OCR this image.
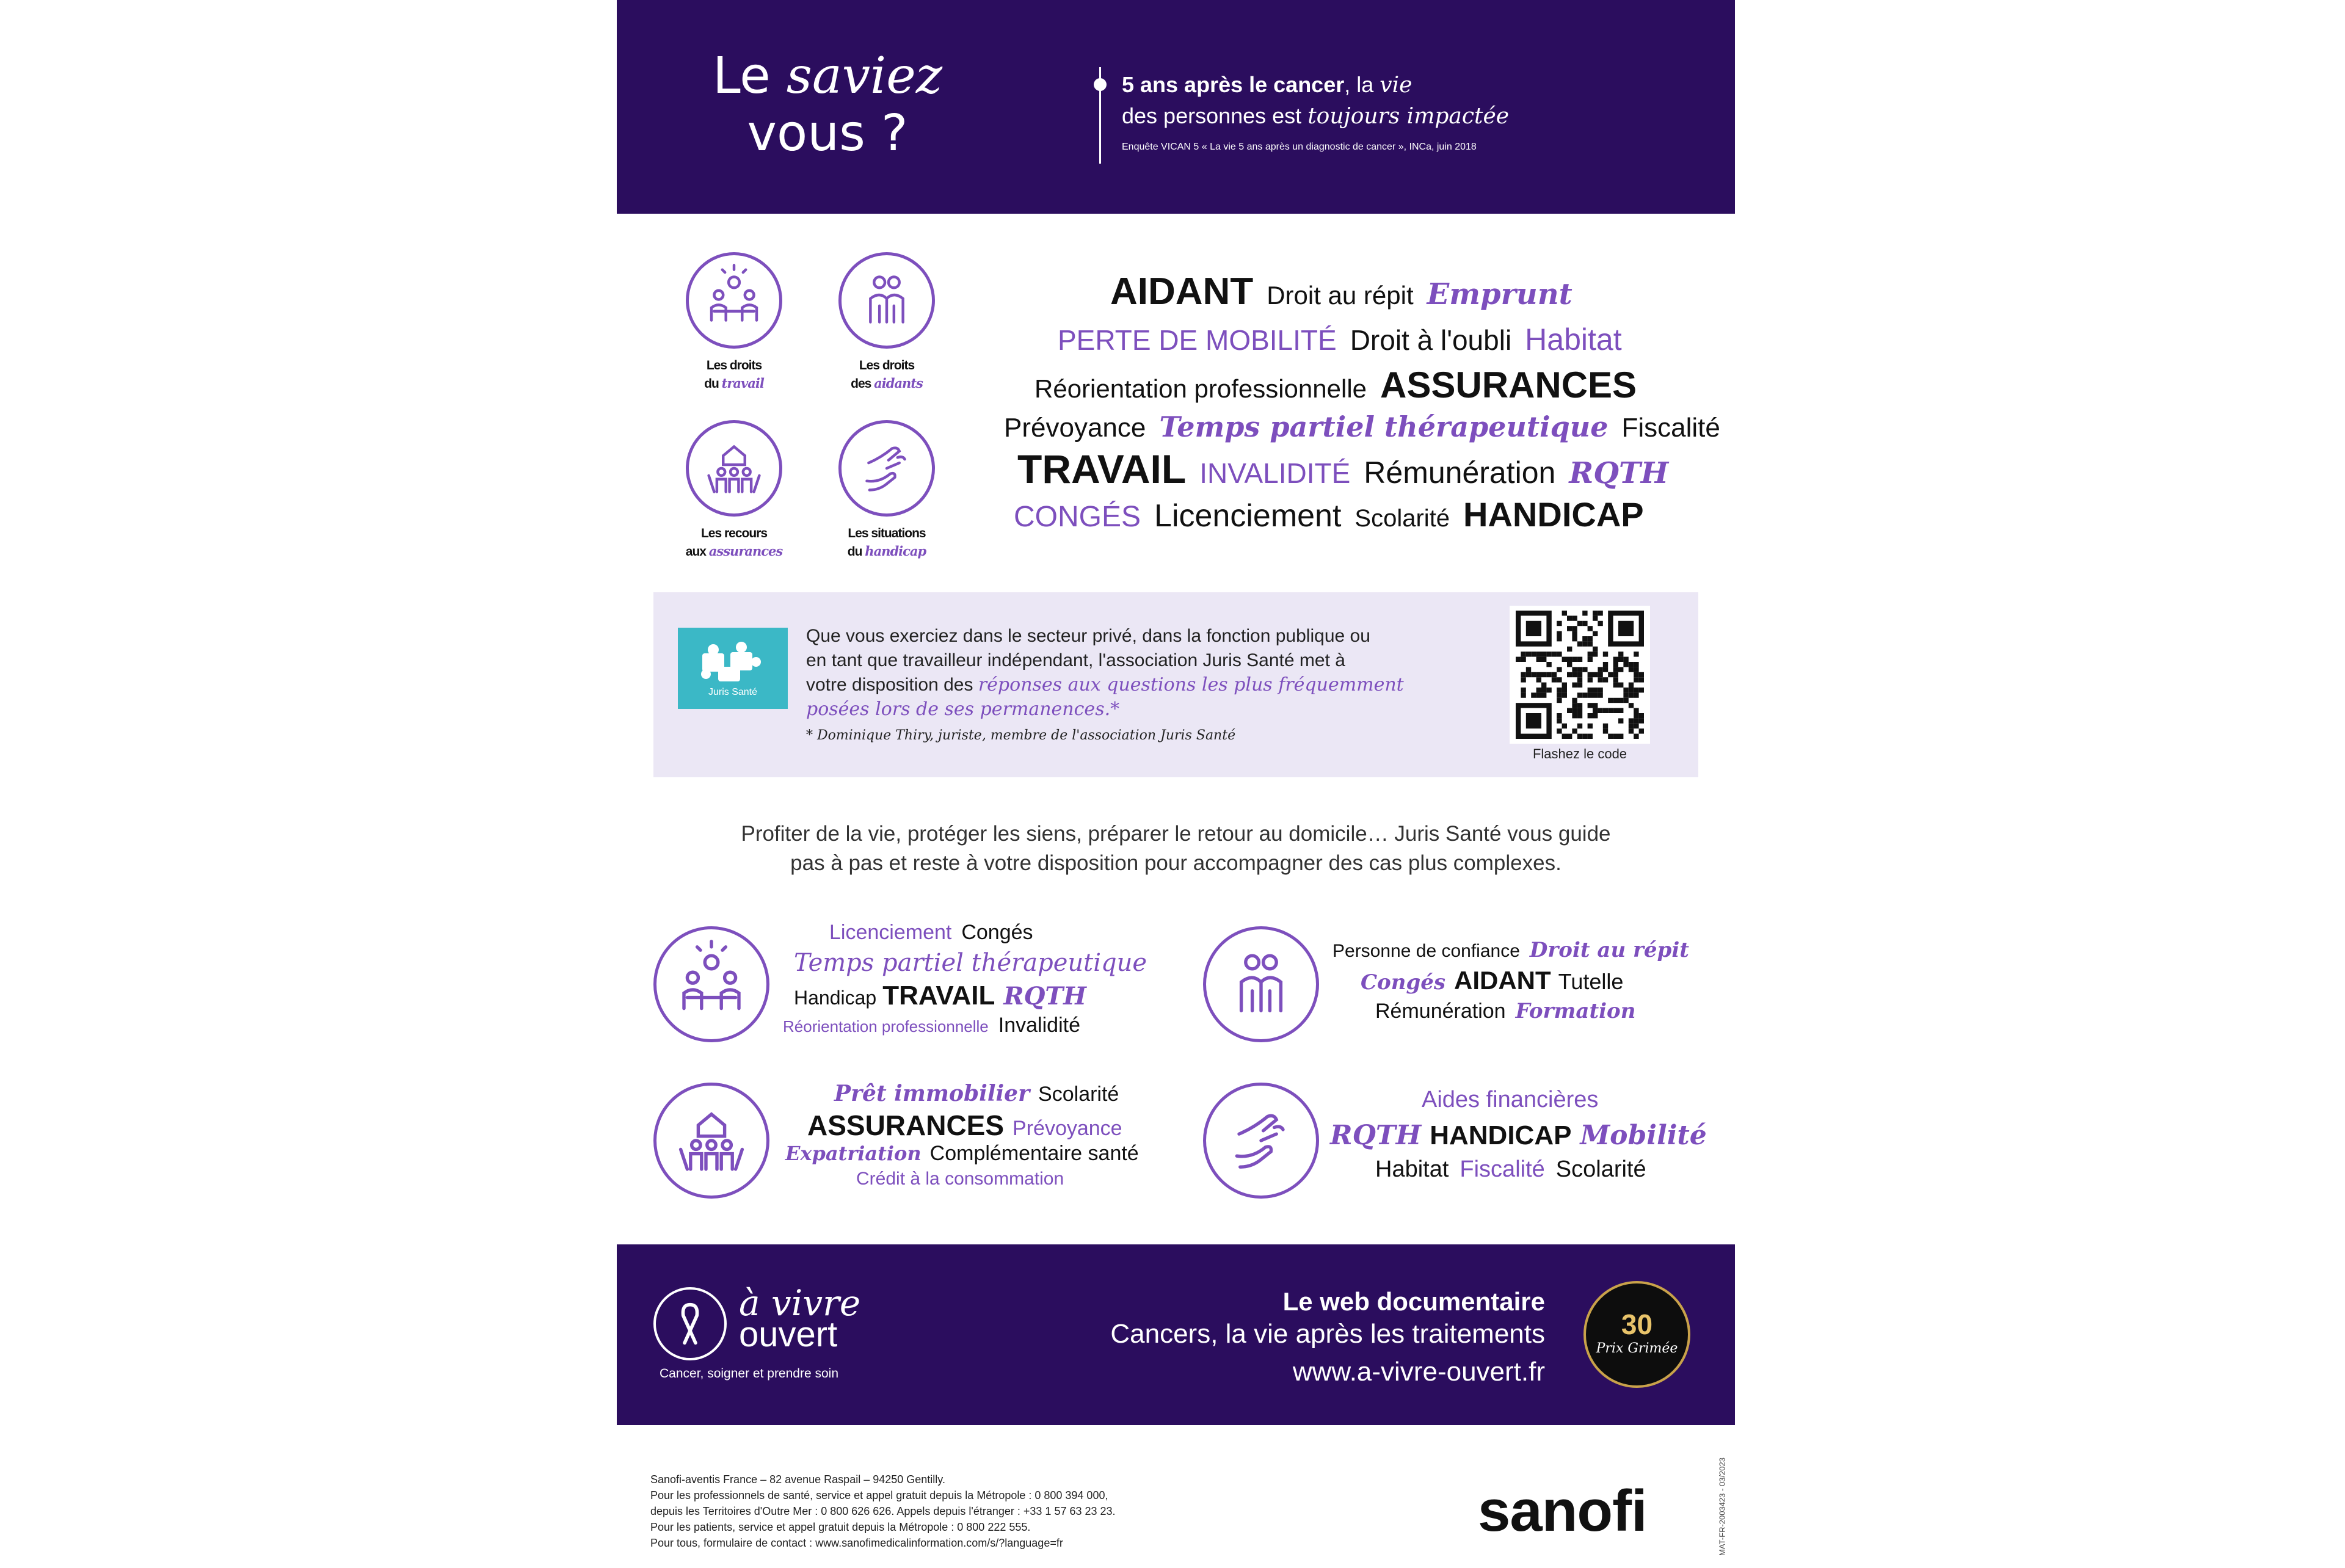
Le saviez
vous ?
5 ans après le cancer, la vie
des personnes est toujours impactée
Enquête VICAN 5 « La vie 5 ans après un diagnostic de cancer », INCa, juin 2018
Les droits
du travail
Les droits
des aidants
Les recours
aux assurances
Les situations
du handicap
AIDANT Droit au répit Emprunt
PERTE DE MOBILITÉ Droit à l'oubli Habitat
Réorientation professionnelle ASSURANCES
Prévoyance Temps partiel thérapeutique Fiscalité
TRAVAIL INVALIDITÉ Rémunération RQTH
CONGÉS Licenciement Scolarité HANDICAP
Juris Santé
Que vous exerciez dans le secteur privé, dans la fonction publique ou
en tant que travailleur indépendant, l'association Juris Santé met à
votre disposition des réponses aux questions les plus fréquemment
posées lors de ses permanences.*
* Dominique Thiry, juriste, membre de l'association Juris Santé
Flashez le code
Profiter de la vie, protéger les siens, préparer le retour au domicile… Juris Santé vous guide
pas à pas et reste à votre disposition pour accompagner des cas plus complexes.
Licenciement Congés
Temps partiel thérapeutique
Handicap TRAVAIL RQTH
Réorientation professionnelle Invalidité
Personne de confiance Droit au répit
Congés AIDANT Tutelle
Rémunération Formation
Prêt immobilier Scolarité
ASSURANCES Prévoyance
Expatriation Complémentaire santé
Crédit à la consommation
Aides financières
RQTH HANDICAP Mobilité
Habitat Fiscalité Scolarité
à vivre
ouvert
Cancer, soigner et prendre soin
Le web documentaire
Cancers, la vie après les traitements
www.a-vivre-ouvert.fr
30
Prix Grimée
Sanofi-aventis France – 82 avenue Raspail – 94250 Gentilly.
Pour les professionnels de santé, service et appel gratuit depuis la Métropole : 0 800 394 000,
depuis les Territoires d'Outre Mer : 0 800 626 626. Appels depuis l'étranger : +33 1 57 63 23 23.
Pour les patients, service et appel gratuit depuis la Métropole : 0 800 222 555.
Pour tous, formulaire de contact : www.sanofimedicalinformation.com/s/?language=fr	sanofi	MAT-FR-2003423 - 03/2023
